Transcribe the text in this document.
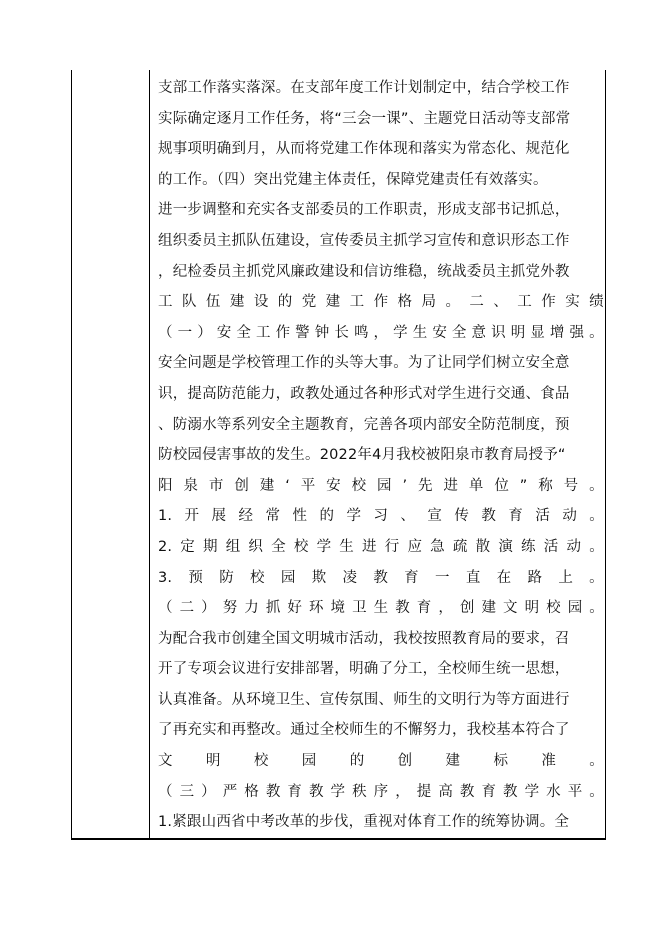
支部工作落实落深。在支部年度工作计划制定中，结合学校工作
实际确定逐月工作任务，将“三会一课”、主题党日活动等支部常
规事项明确到月，从而将党建工作体现和落实为常态化、规范化
的工作。（四）突出党建主体责任，保障党建责任有效落实。
进一步调整和充实各支部委员的工作职责，形成支部书记抓总，
组织委员主抓队伍建设，宣传委员主抓学习宣传和意识形态工作
，纪检委员主抓党风廉政建设和信访维稳，统战委员主抓党外教
工 队 伍 建 设 的 党 建 工 作 格 局 。 二 、 工 作 实 绩
（ 一 ） 安 全 工 作 警 钟 长 鸣 ， 学 生 安 全 意 识 明 显 增 强 。
安全问题是学校管理工作的头等大事。为了让同学们树立安全意
识，提高防范能力，政教处通过各种形式对学生进行交通、食品
、防溺水等系列安全主题教育，完善各项内部安全防范制度，预
防校园侵害事故的发生。2022年4月我校被阳泉市教育局授予“
阳 泉 市 创 建 ‘ 平 安 校 园 ’ 先 进 单 位 ” 称 号 。
1. 开 展 经 常 性 的 学 习 、 宣 传 教 育 活 动 。
2. 定 期 组 织 全 校 学 生 进 行 应 急 疏 散 演 练 活 动 。
3. 预 防 校 园 欺 凌 教 育 一 直 在 路 上 。
（ 二 ） 努 力 抓 好 环 境 卫 生 教 育 ， 创 建 文 明 校 园 。
为配合我市创建全国文明城市活动，我校按照教育局的要求，召
开了专项会议进行安排部署，明确了分工，全校师生统一思想，
认真准备。从环境卫生、宣传氛围、师生的文明行为等方面进行
了再充实和再整改。通过全校师生的不懈努力，我校基本符合了
文 明 校 园 的 创 建 标 准 。
（ 三 ） 严 格 教 育 教 学 秩 序 ， 提 高 教 育 教 学 水 平 。
1.紧跟山西省中考改革的步伐，重视对体育工作的统筹协调。全
